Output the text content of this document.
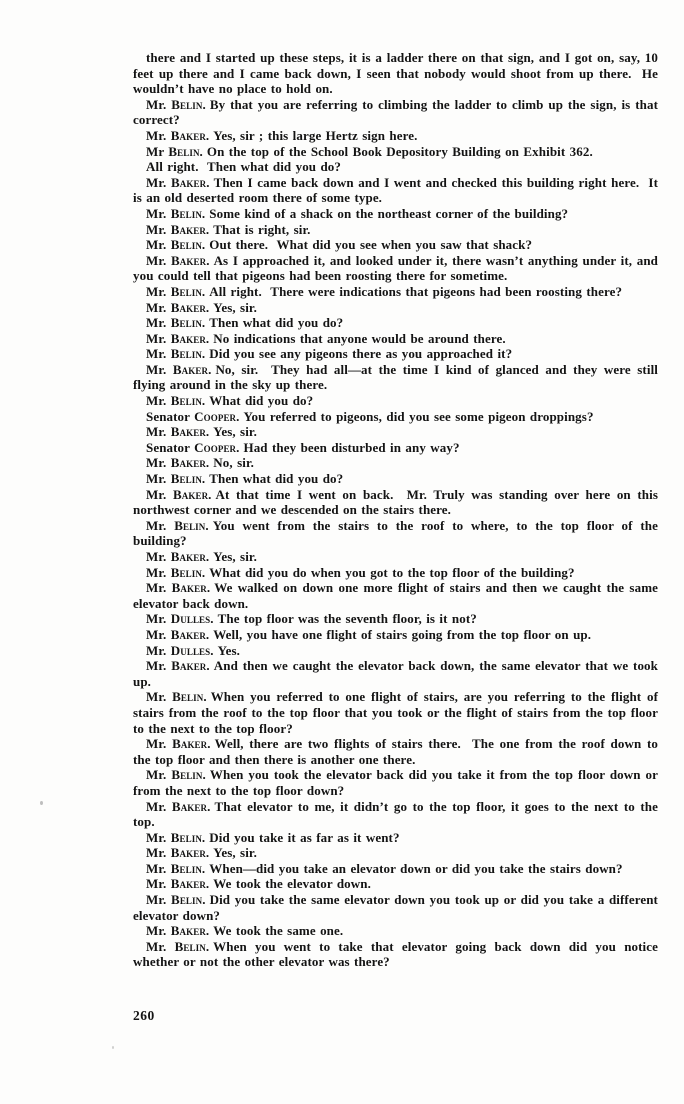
there and I started up these steps, it is a ladder there on that sign, and I got on, say, 10 feet up there and I came back down, I seen that nobody would shoot from up there.  He wouldn’t have no place to hold on.

Mr. Belin. By that you are referring to climbing the ladder to climb up the sign, is that correct?

Mr. Baker. Yes, sir ; this large Hertz sign here.

Mr Belin. On the top of the School Book Depository Building on Exhibit 362.

All right.  Then what did you do?

Mr. Baker. Then I came back down and I went and checked this building right here.  It is an old deserted room there of some type.

Mr. Belin. Some kind of a shack on the northeast corner of the building?

Mr. Baker. That is right, sir.

Mr. Belin. Out there.  What did you see when you saw that shack?

Mr. Baker. As I approached it, and looked under it, there wasn’t anything under it, and you could tell that pigeons had been roosting there for sometime.

Mr. Belin. All right.  There were indications that pigeons had been roosting there?

Mr. Baker. Yes, sir.

Mr. Belin. Then what did you do?

Mr. Baker. No indications that anyone would be around there.

Mr. Belin. Did you see any pigeons there as you approached it?

Mr. Baker. No, sir.  They had all—at the time I kind of glanced and they were still flying around in the sky up there.

Mr. Belin. What did you do?

Senator Cooper. You referred to pigeons, did you see some pigeon droppings?

Mr. Baker. Yes, sir.

Senator Cooper. Had they been disturbed in any way?

Mr. Baker. No, sir.

Mr. Belin. Then what did you do?

Mr. Baker. At that time I went on back.  Mr. Truly was standing over here on this northwest corner and we descended on the stairs there.

Mr. Belin. You went from the stairs to the roof to where, to the top floor of the building?

Mr. Baker. Yes, sir.

Mr. Belin. What did you do when you got to the top floor of the building?

Mr. Baker. We walked on down one more flight of stairs and then we caught the same elevator back down.

Mr. Dulles. The top floor was the seventh floor, is it not?

Mr. Baker. Well, you have one flight of stairs going from the top floor on up.

Mr. Dulles. Yes.

Mr. Baker. And then we caught the elevator back down, the same elevator that we took up.

Mr. Belin. When you referred to one flight of stairs, are you referring to the flight of stairs from the roof to the top floor that you took or the flight of stairs from the top floor to the next to the top floor?

Mr. Baker. Well, there are two flights of stairs there.  The one from the roof down to the top floor and then there is another one there.

Mr. Belin. When you took the elevator back did you take it from the top floor down or from the next to the top floor down?

Mr. Baker. That elevator to me, it didn’t go to the top floor, it goes to the next to the top.

Mr. Belin. Did you take it as far as it went?

Mr. Baker. Yes, sir.

Mr. Belin. When—did you take an elevator down or did you take the stairs down?

Mr. Baker. We took the elevator down.

Mr. Belin. Did you take the same elevator down you took up or did you take a different elevator down?

Mr. Baker. We took the same one.

Mr. Belin. When you went to take that elevator going back down did you notice whether or not the other elevator was there?

260
